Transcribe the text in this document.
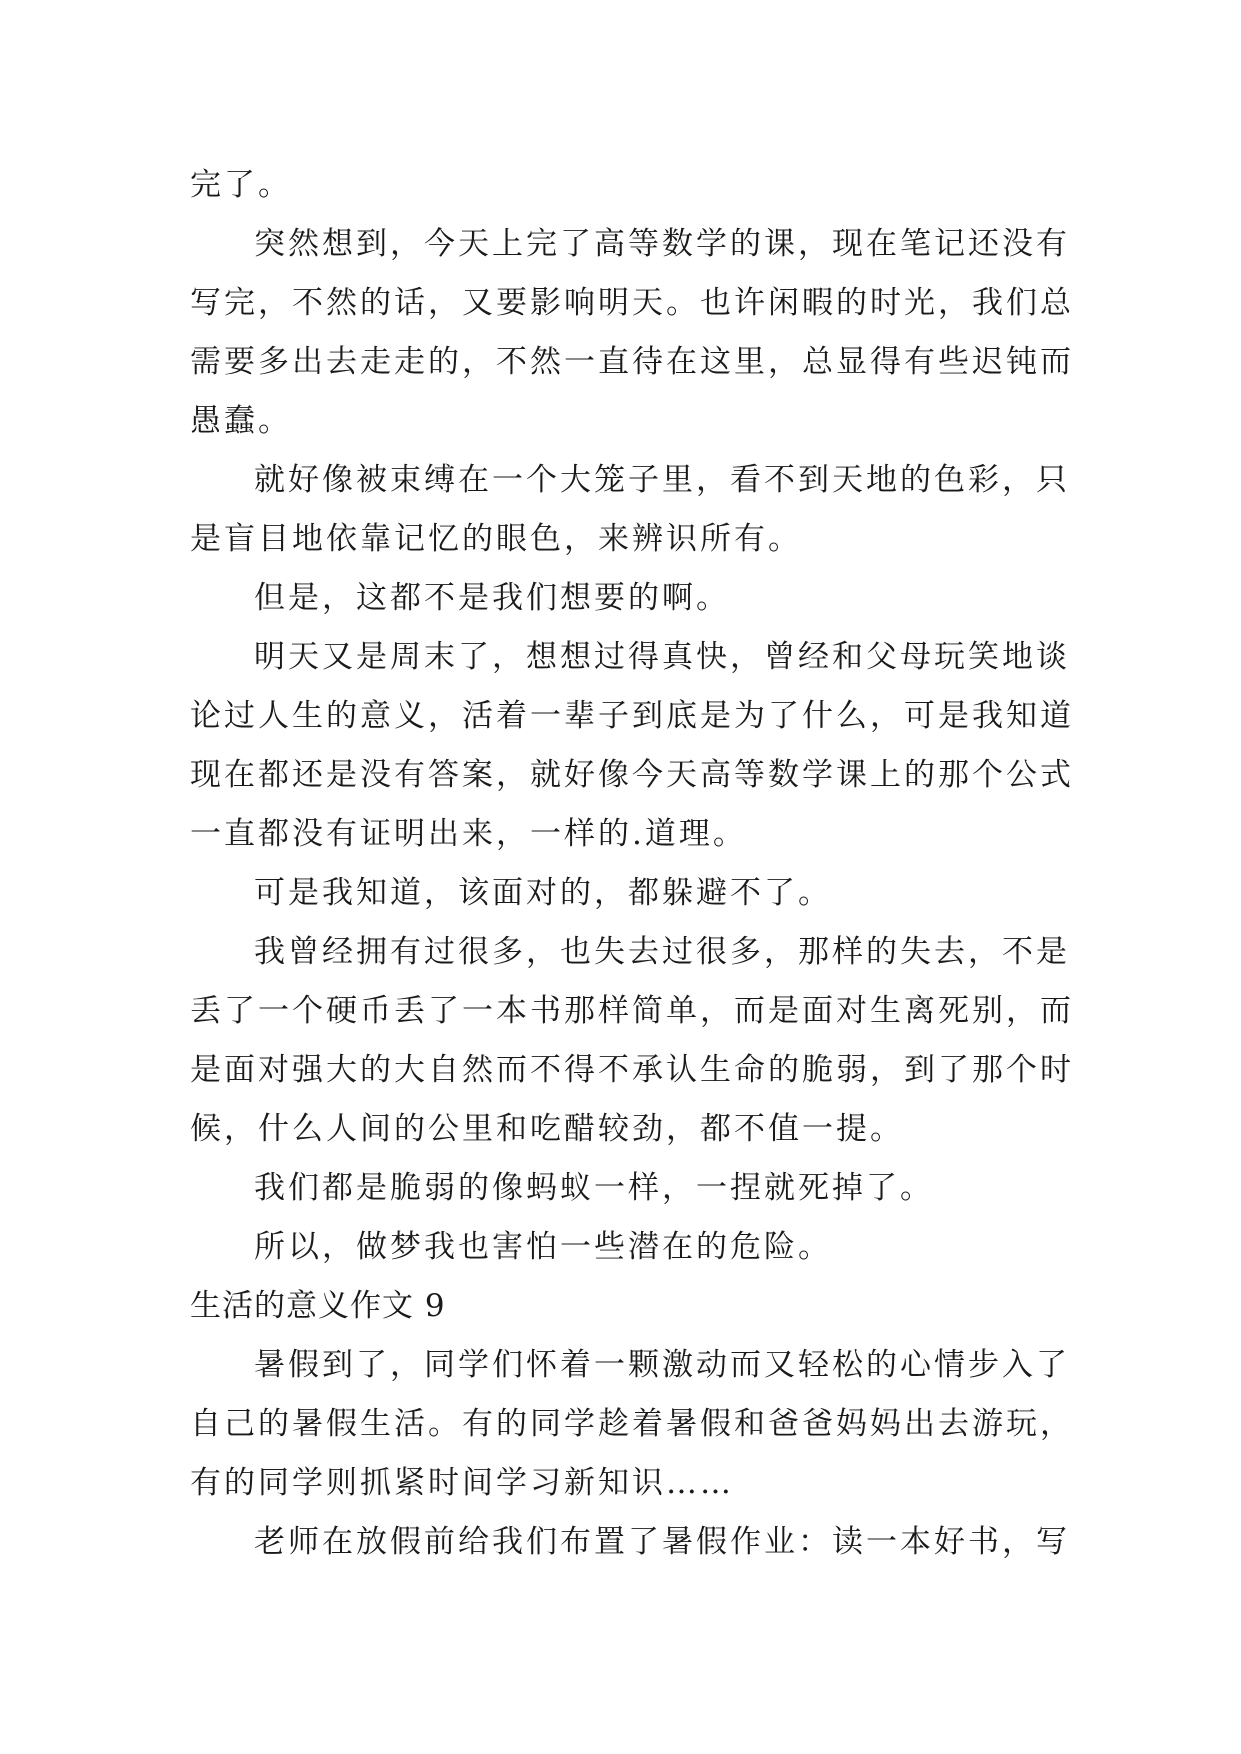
完了。
突然想到，今天上完了高等数学的课，现在笔记还没有
写完，不然的话，又要影响明天。也许闲暇的时光，我们总
需要多出去走走的，不然一直待在这里，总显得有些迟钝而
愚蠢。
就好像被束缚在一个大笼子里，看不到天地的色彩，只
是盲目地依靠记忆的眼色，来辨识所有。
但是，这都不是我们想要的啊。
明天又是周末了，想想过得真快，曾经和父母玩笑地谈
论过人生的意义，活着一辈子到底是为了什么，可是我知道
现在都还是没有答案，就好像今天高等数学课上的那个公式
一直都没有证明出来，一样的.道理。
可是我知道，该面对的，都躲避不了。
我曾经拥有过很多，也失去过很多，那样的失去，不是
丢了一个硬币丢了一本书那样简单，而是面对生离死别，而
是面对强大的大自然而不得不承认生命的脆弱，到了那个时
候，什么人间的公里和吃醋较劲，都不值一提。
我们都是脆弱的像蚂蚁一样，一捏就死掉了。
所以，做梦我也害怕一些潜在的危险。
生活的意义作文 9
暑假到了，同学们怀着一颗激动而又轻松的心情步入了
自己的暑假生活。有的同学趁着暑假和爸爸妈妈出去游玩，
有的同学则抓紧时间学习新知识……
老师在放假前给我们布置了暑假作业：读一本好书，写
